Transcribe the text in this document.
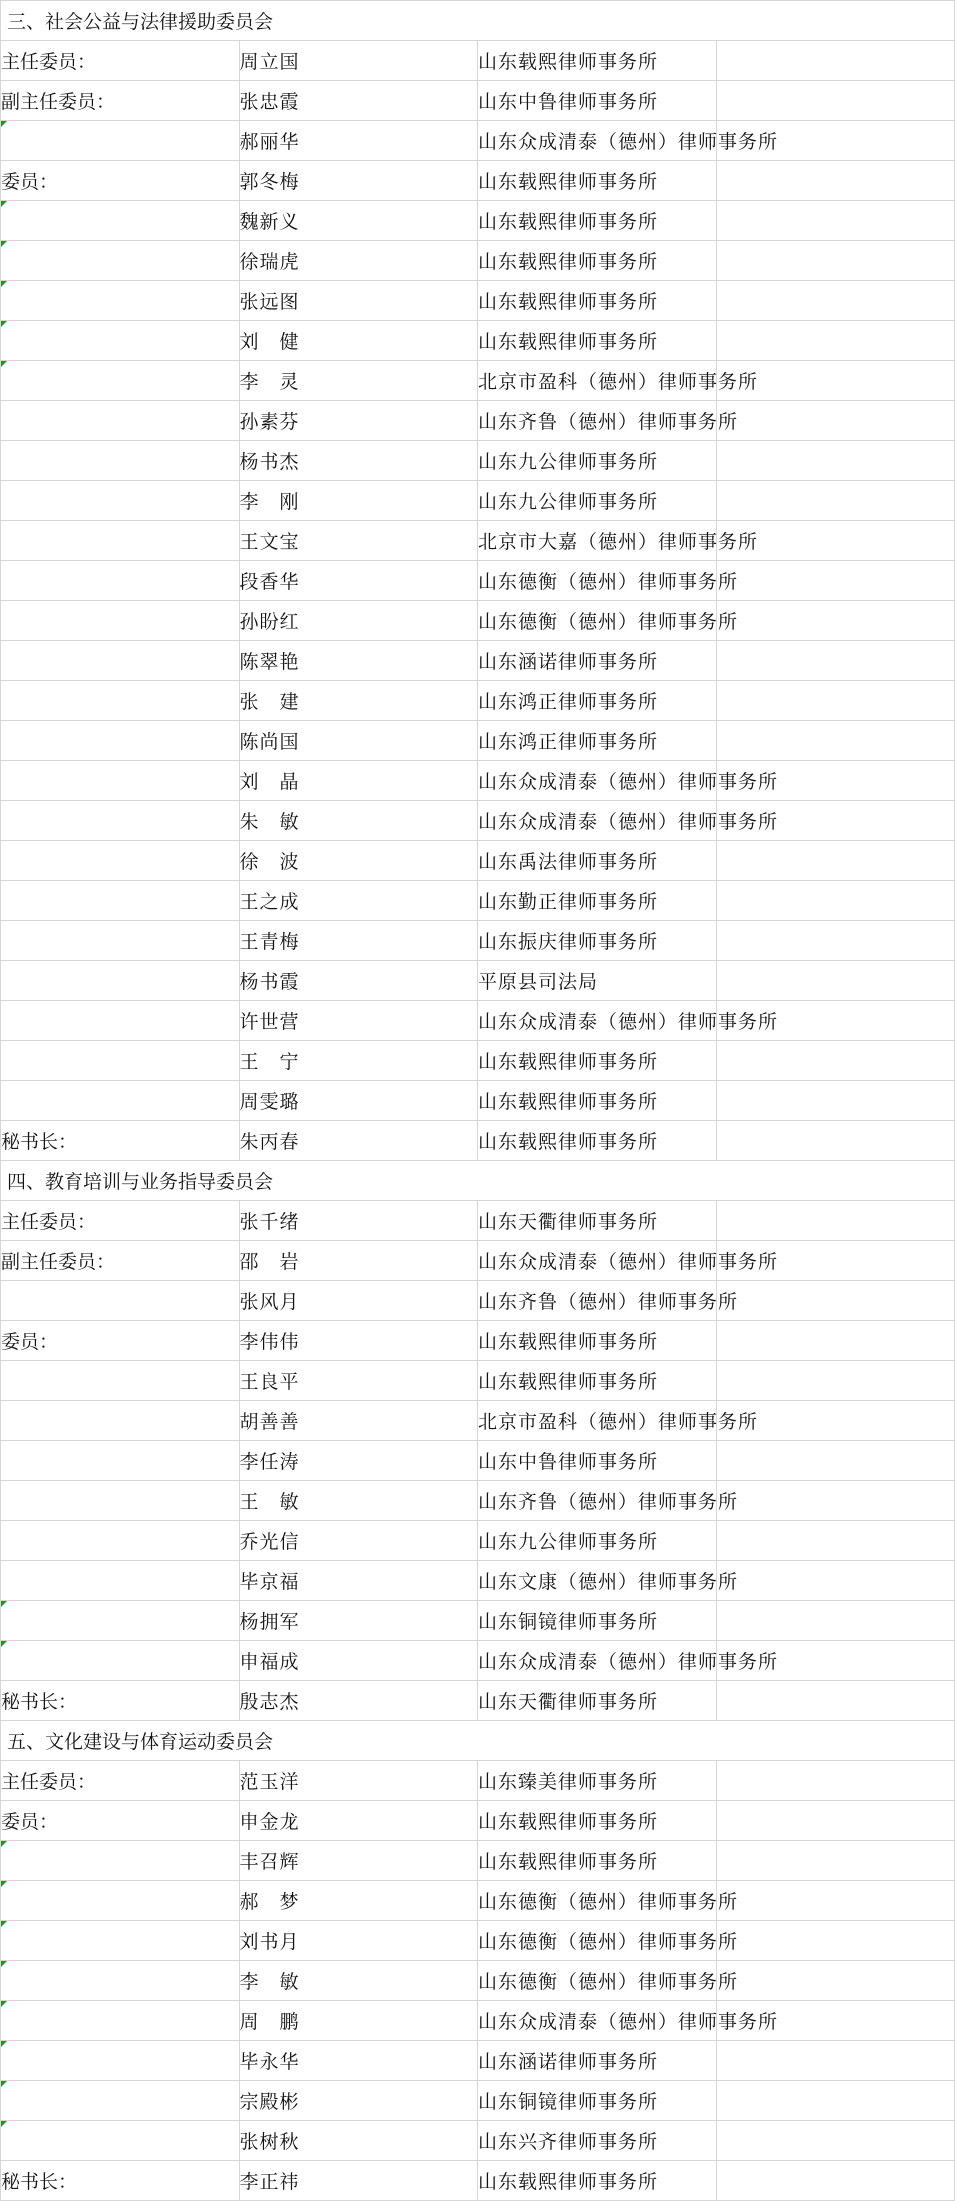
三、社会公益与法律援助委员会			
主任委员：	周立国	山东载熙律师事务所	
副主任委员：	张忠霞	山东中鲁律师事务所	
	郝丽华	山东众成清泰（德州）律师事务所	
委员：	郭冬梅	山东载熙律师事务所	
	魏新义	山东载熙律师事务所	
	徐瑞虎	山东载熙律师事务所	
	张远图	山东载熙律师事务所	
	刘　健	山东载熙律师事务所	
	李　灵	北京市盈科（德州）律师事务所	
	孙素芬	山东齐鲁（德州）律师事务所	
	杨书杰	山东九公律师事务所	
	李　刚	山东九公律师事务所	
	王文宝	北京市大嘉（德州）律师事务所	
	段香华	山东德衡（德州）律师事务所	
	孙盼红	山东德衡（德州）律师事务所	
	陈翠艳	山东涵诺律师事务所	
	张　建	山东鸿正律师事务所	
	陈尚国	山东鸿正律师事务所	
	刘　晶	山东众成清泰（德州）律师事务所	
	朱　敏	山东众成清泰（德州）律师事务所	
	徐　波	山东禹法律师事务所	
	王之成	山东勤正律师事务所	
	王青梅	山东振庆律师事务所	
	杨书霞	平原县司法局	
	许世营	山东众成清泰（德州）律师事务所	
	王　宁	山东载熙律师事务所	
	周雯璐	山东载熙律师事务所	
秘书长：	朱丙春	山东载熙律师事务所	
四、教育培训与业务指导委员会			
主任委员：	张千绪	山东天衢律师事务所	
副主任委员：	邵　岩	山东众成清泰（德州）律师事务所	
	张风月	山东齐鲁（德州）律师事务所	
委员：	李伟伟	山东载熙律师事务所	
	王良平	山东载熙律师事务所	
	胡善善	北京市盈科（德州）律师事务所	
	李任涛	山东中鲁律师事务所	
	王　敏	山东齐鲁（德州）律师事务所	
	乔光信	山东九公律师事务所	
	毕京福	山东文康（德州）律师事务所	
	杨拥军	山东铜镜律师事务所	
	申福成	山东众成清泰（德州）律师事务所	
秘书长：	殷志杰	山东天衢律师事务所	
五、文化建设与体育运动委员会			
主任委员：	范玉洋	山东臻美律师事务所	
委员：	申金龙	山东载熙律师事务所	
	丰召辉	山东载熙律师事务所	
	郝　梦	山东德衡（德州）律师事务所	
	刘书月	山东德衡（德州）律师事务所	
	李　敏	山东德衡（德州）律师事务所	
	周　鹏	山东众成清泰（德州）律师事务所	
	毕永华	山东涵诺律师事务所	
	宗殿彬	山东铜镜律师事务所	
	张树秋	山东兴齐律师事务所	
秘书长：	李正祎	山东载熙律师事务所	
